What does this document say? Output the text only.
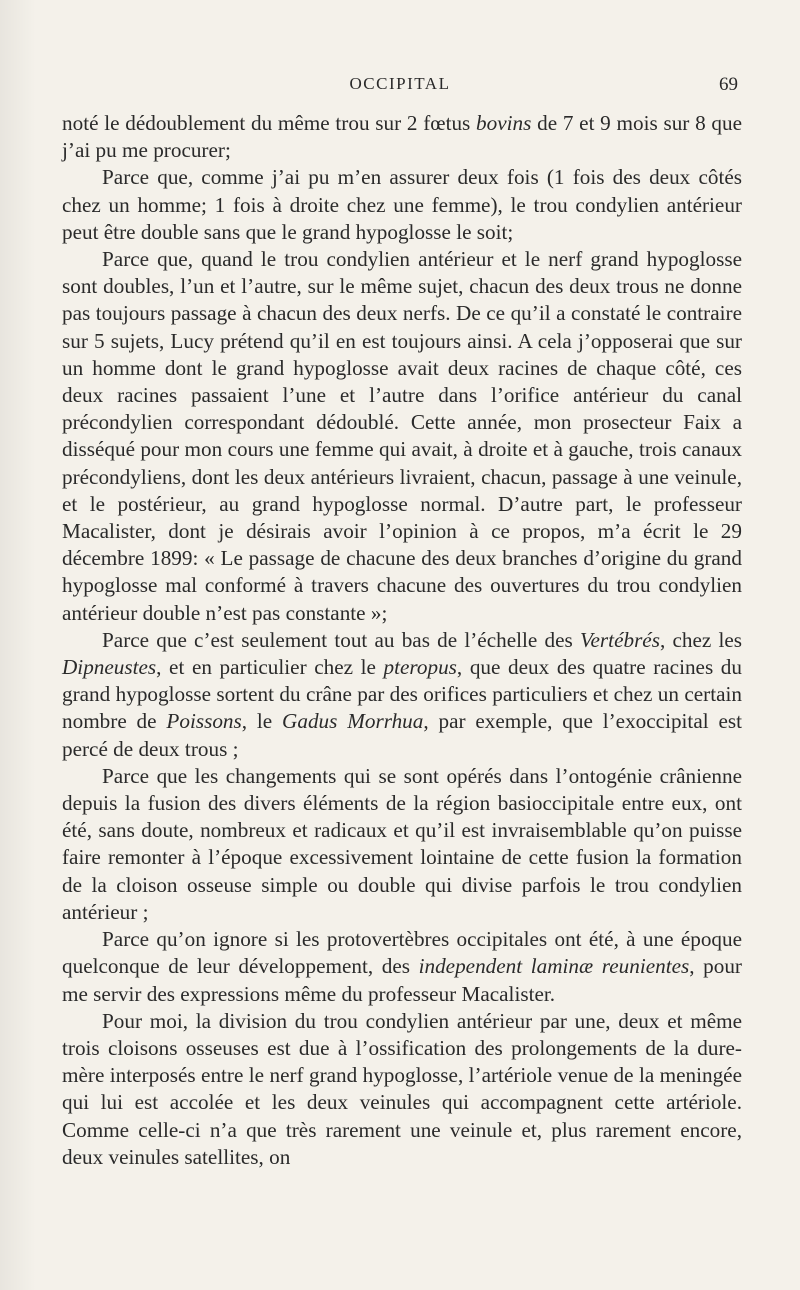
OCCIPITAL	69

noté le dédoublement du même trou sur 2 fœtus bovins de 7 et 9 mois sur 8 que j’ai pu me procurer;

Parce que, comme j’ai pu m’en assurer deux fois (1 fois des deux côtés chez un homme; 1 fois à droite chez une femme), le trou condylien antérieur peut être double sans que le grand hypoglosse le soit;

Parce que, quand le trou condylien antérieur et le nerf grand hypoglosse sont doubles, l’un et l’autre, sur le même sujet, chacun des deux trous ne donne pas toujours passage à chacun des deux nerfs. De ce qu’il a constaté le contraire sur 5 sujets, Lucy prétend qu’il en est toujours ainsi. A cela j’opposerai que sur un homme dont le grand hypoglosse avait deux racines de chaque côté, ces deux racines passaient l’une et l’autre dans l’orifice antérieur du canal précondylien correspondant dédoublé. Cette année, mon prosecteur Faix a disséqué pour mon cours une femme qui avait, à droite et à gauche, trois canaux précondyliens, dont les deux antérieurs livraient, chacun, passage à une veinule, et le postérieur, au grand hypoglosse normal. D’autre part, le professeur Macalister, dont je désirais avoir l’opinion à ce propos, m’a écrit le 29 décembre 1899: « Le passage de chacune des deux branches d’origine du grand hypoglosse mal conformé à travers chacune des ouvertures du trou condylien antérieur double n’est pas constante »;

Parce que c’est seulement tout au bas de l’échelle des Vertébrés, chez les Dipneustes, et en particulier chez le pteropus, que deux des quatre racines du grand hypoglosse sortent du crâne par des orifices particuliers et chez un certain nombre de Poissons, le Gadus Morrhua, par exemple, que l’exoccipital est percé de deux trous ;

Parce que les changements qui se sont opérés dans l’ontogénie crânienne depuis la fusion des divers éléments de la région basioccipitale entre eux, ont été, sans doute, nombreux et radicaux et qu’il est invraisemblable qu’on puisse faire remonter à l’époque excessivement lointaine de cette fusion la formation de la cloison osseuse simple ou double qui divise parfois le trou condylien antérieur ;

Parce qu’on ignore si les protovertèbres occipitales ont été, à une époque quelconque de leur développement, des independent laminæ reunientes, pour me servir des expressions même du professeur Macalister.

Pour moi, la division du trou condylien antérieur par une, deux et même trois cloisons osseuses est due à l’ossification des prolongements de la dure-mère interposés entre le nerf grand hypoglosse, l’artériole venue de la meningée qui lui est accolée et les deux veinules qui accompagnent cette artériole. Comme celle-ci n’a que très rarement une veinule et, plus rarement encore, deux veinules satellites, on
